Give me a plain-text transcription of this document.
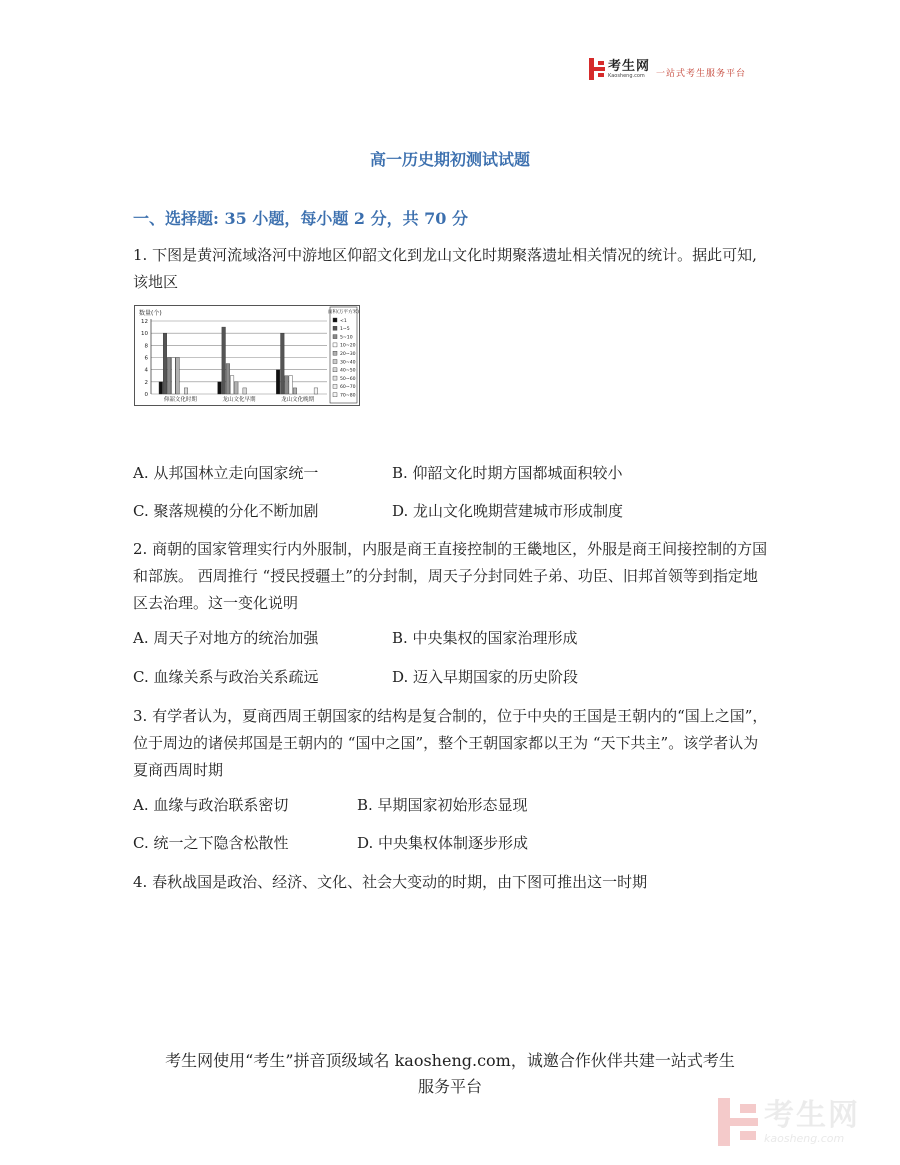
考生网
Kaosheng.com	一站式考生服务平台
高一历史期初测试试题
一、选择题: 35 小题，每小题 2 分，共 70 分
1. 下图是黄河流域洛河中游地区仰韶文化到龙山文化时期聚落遗址相关情况的统计。据此可知, 该地区
数量(个)
0
2
4
6
8
10
12
仰韶文化时期	龙山文化早期	龙山文化晚期
面积(万平方米)
<1
1~5
5~10
10~20
20~30
30~40
40~50
50~60
60~70
70~80
A. 从邦国林立走向国家统一	B. 仰韶文化时期方国都城面积较小
C. 聚落规模的分化不断加剧	D. 龙山文化晚期营建城市形成制度
2. 商朝的国家管理实行内外服制，内服是商王直接控制的王畿地区，外服是商王间接控制的方国和部族。 西周推行 “授民授疆土”的分封制，周天子分封同姓子弟、功臣、旧邦首领等到指定地区去治理。这一变化说明
A. 周天子对地方的统治加强	B. 中央集权的国家治理形成
C. 血缘关系与政治关系疏远	D. 迈入早期国家的历史阶段
3. 有学者认为，夏商西周王朝国家的结构是复合制的，位于中央的王国是王朝内的“国上之国”，位于周边的诸侯邦国是王朝内的 “国中之国”，整个王朝国家都以王为 “天下共主”。该学者认为夏商西周时期
A. 血缘与政治联系密切	B. 早期国家初始形态显现
C. 统一之下隐含松散性	D. 中央集权体制逐步形成
4. 春秋战国是政治、经济、文化、社会大变动的时期，由下图可推出这一时期
考生网使用“考生”拼音顶级域名 kaosheng.com，诚邀合作伙伴共建一站式考生
服务平台
考生网
kaosheng.com
